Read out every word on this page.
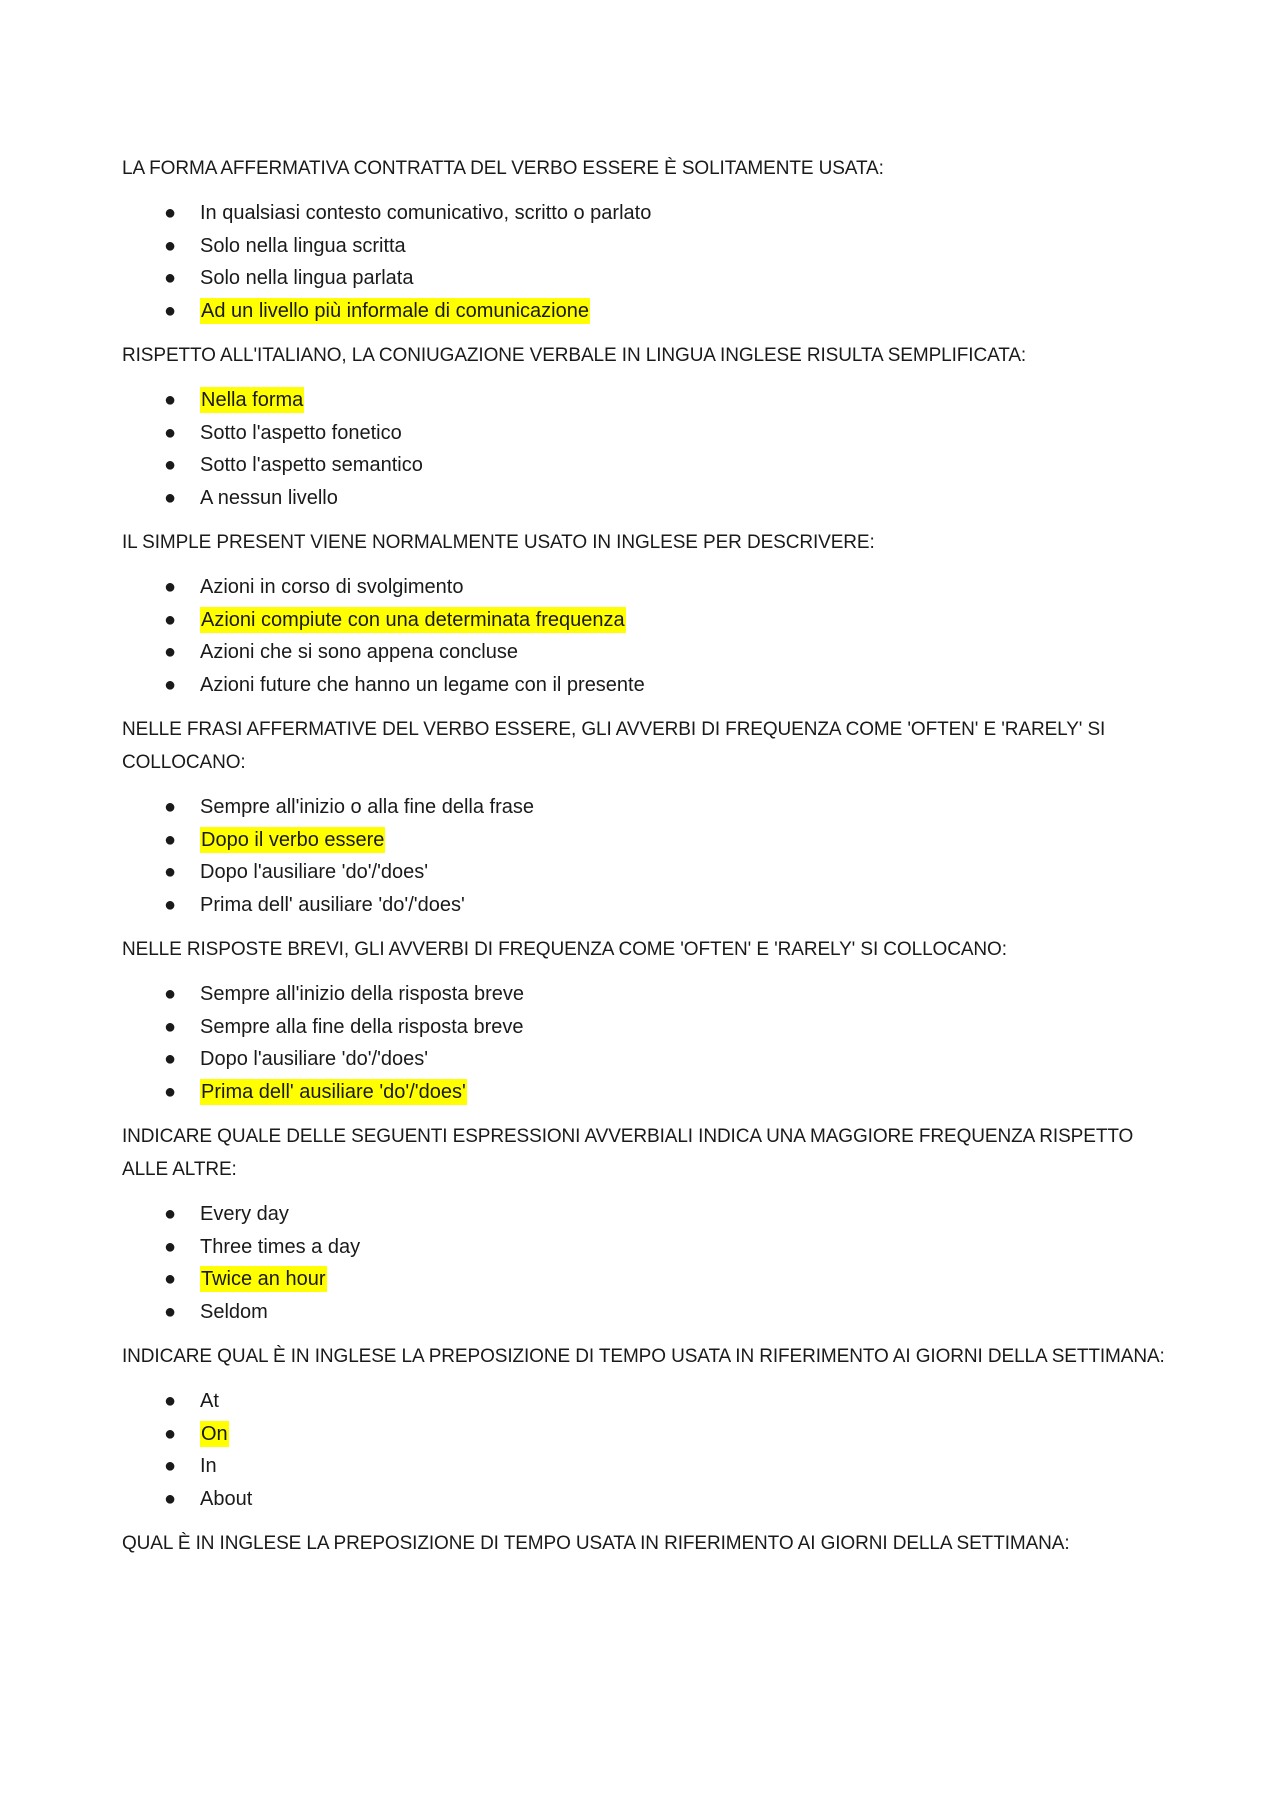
LA FORMA AFFERMATIVA CONTRATTA DEL VERBO ESSERE È SOLITAMENTE USATA:

● In qualsiasi contesto comunicativo, scritto o parlato
● Solo nella lingua scritta
● Solo nella lingua parlata
● Ad un livello più informale di comunicazione

RISPETTO ALL'ITALIANO, LA CONIUGAZIONE VERBALE IN LINGUA INGLESE RISULTA SEMPLIFICATA:

● Nella forma
● Sotto l'aspetto fonetico
● Sotto l'aspetto semantico
● A nessun livello

IL SIMPLE PRESENT VIENE NORMALMENTE USATO IN INGLESE PER DESCRIVERE:

● Azioni in corso di svolgimento
● Azioni compiute con una determinata frequenza
● Azioni che si sono appena concluse
● Azioni future che hanno un legame con il presente

NELLE FRASI AFFERMATIVE DEL VERBO ESSERE, GLI AVVERBI DI FREQUENZA COME 'OFTEN' E 'RARELY' SI COLLOCANO:

● Sempre all'inizio o alla fine della frase
● Dopo il verbo essere
● Dopo l'ausiliare 'do'/'does'
● Prima dell' ausiliare 'do'/'does'

NELLE RISPOSTE BREVI, GLI AVVERBI DI FREQUENZA COME 'OFTEN' E 'RARELY' SI COLLOCANO:

● Sempre all'inizio della risposta breve
● Sempre alla fine della risposta breve
● Dopo l'ausiliare 'do'/'does'
● Prima dell' ausiliare 'do'/'does'

INDICARE QUALE DELLE SEGUENTI ESPRESSIONI AVVERBIALI INDICA UNA MAGGIORE FREQUENZA RISPETTO ALLE ALTRE:

● Every day
● Three times a day
● Twice an hour
● Seldom

INDICARE QUAL È IN INGLESE LA PREPOSIZIONE DI TEMPO USATA IN RIFERIMENTO AI GIORNI DELLA SETTIMANA:

● At
● On
● In
● About

QUAL È IN INGLESE LA PREPOSIZIONE DI TEMPO USATA IN RIFERIMENTO AI GIORNI DELLA SETTIMANA:
